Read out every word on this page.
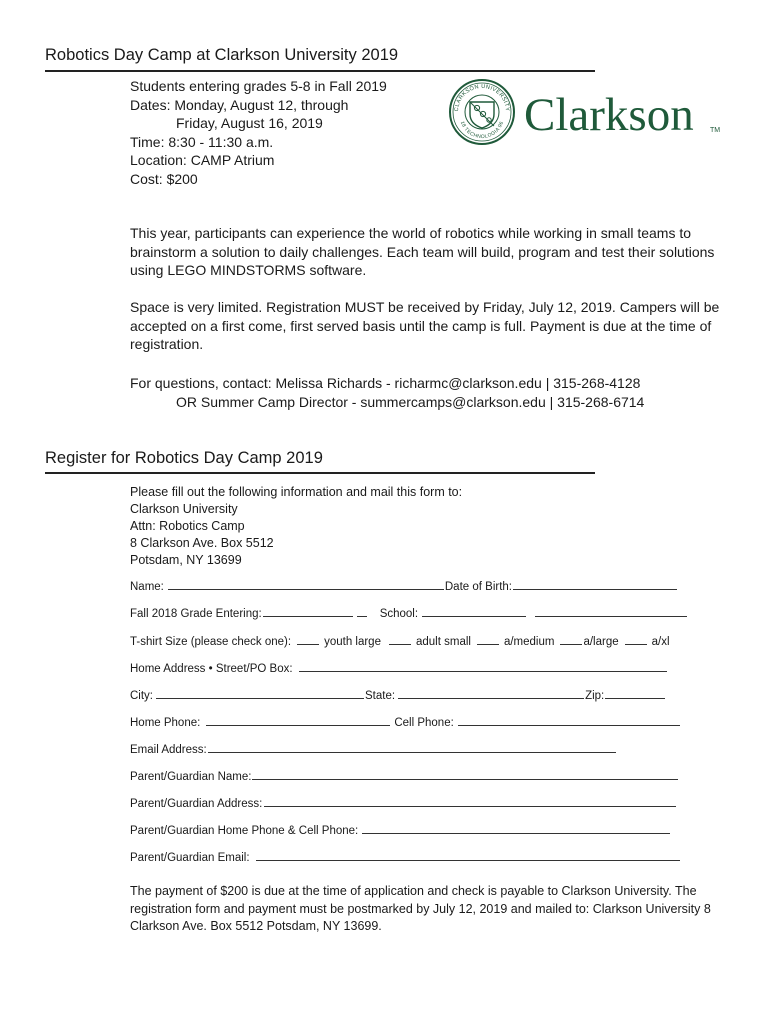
Robotics Day Camp at Clarkson University 2019
Students entering grades 5-8 in Fall 2019
Dates: Monday, August 12, through
Friday, August 16, 2019
Time: 8:30 - 11:30 a.m.
Location: CAMP Atrium
Cost: $200
CLARKSON UNIVERSITY
18 TECHNOLOGIA 96 Clarkson TM

This year, participants can experience the world of robotics while working in small teams to brainstorm a solution to daily challenges. Each team will build, program and test their solutions using LEGO MINDSTORMS software.

Space is very limited. Registration MUST be received by Friday, July 12, 2019. Campers will be accepted on a first come, first served basis until the camp is full. Payment is due at the time of registration.

For questions, contact: Melissa Richards - richarmc@clarkson.edu | 315-268-4128
OR Summer Camp Director - summercamps@clarkson.edu | 315-268-6714
Register for Robotics Day Camp 2019
Please fill out the following information and mail this form to:
Clarkson University
Attn: Robotics Camp
8 Clarkson Ave. Box 5512
Potsdam, NY 13699
Name:	Date of Birth:
Fall 2018 Grade Entering:	School:
T-shirt Size (please check one):	youth large	adult small	a/medium	a/large	a/xl
Home Address • Street/PO Box:
City:	State:	Zip:
Home Phone:	Cell Phone:
Email Address:
Parent/Guardian Name:
Parent/Guardian Address:
Parent/Guardian Home Phone & Cell Phone:
Parent/Guardian Email:

The payment of $200 is due at the time of application and check is payable to Clarkson University. The registration form and payment must be postmarked by July 12, 2019 and mailed to: Clarkson University 8 Clarkson Ave. Box 5512 Potsdam, NY 13699.
